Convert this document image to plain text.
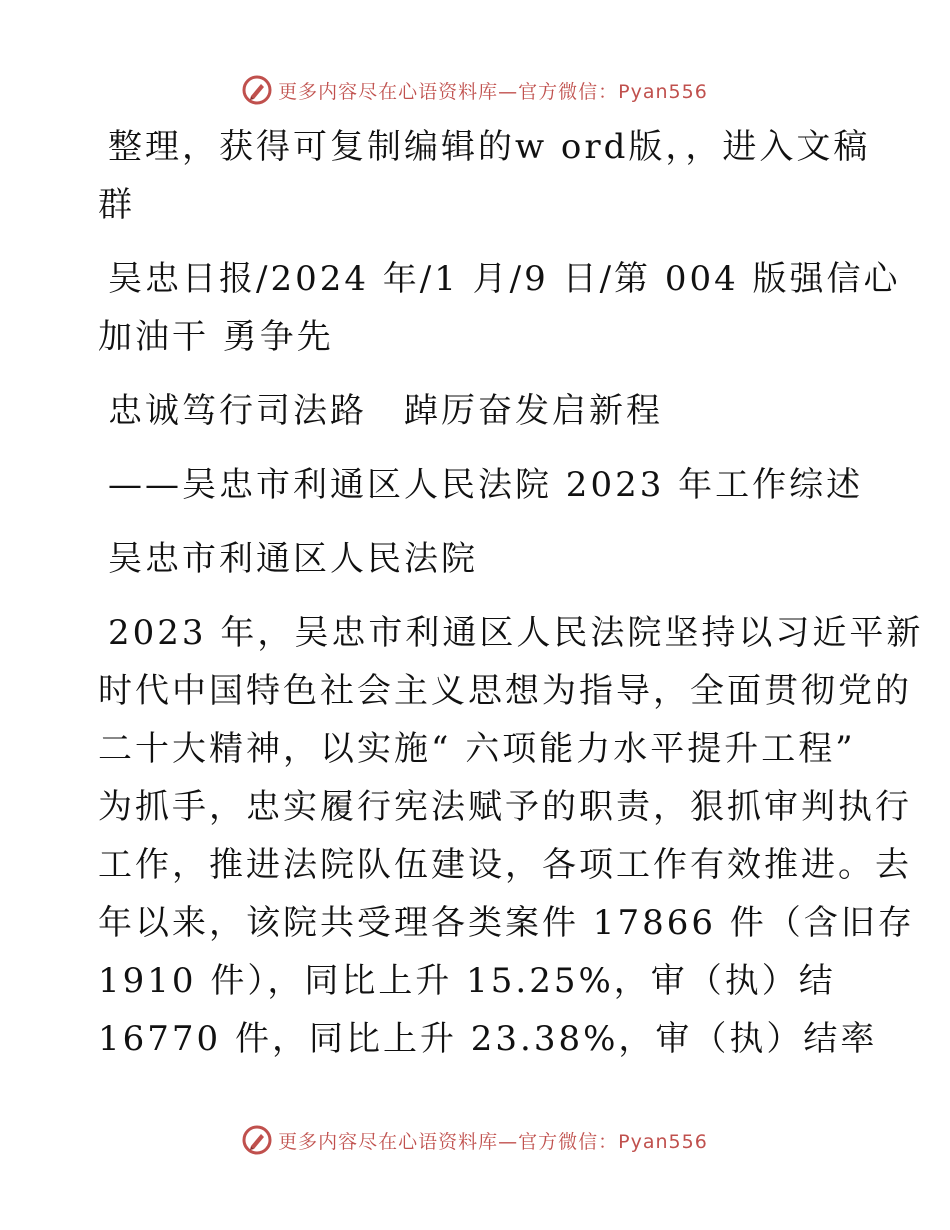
更多内容尽在心语资料库—官方微信：Pyan556
整理，获得可复制编辑的w ord版，，进入文稿
群
吴忠日报/2024 年/1 月/9 日/第 004 版强信心
加油干 勇争先
忠诚笃行司法路　踔厉奋发启新程
——吴忠市利通区人民法院 2023 年工作综述
吴忠市利通区人民法院
2023 年，吴忠市利通区人民法院坚持以习近平新
时代中国特色社会主义思想为指导，全面贯彻党的
二十大精神，以实施“ 六项能力水平提升工程”
为抓手，忠实履行宪法赋予的职责，狠抓审判执行
工作，推进法院队伍建设，各项工作有效推进。去
年以来，该院共受理各类案件 17866 件（含旧存
1910 件），同比上升 15.25%，审（执）结
16770 件，同比上升 23.38%，审（执）结率
更多内容尽在心语资料库—官方微信：Pyan556
